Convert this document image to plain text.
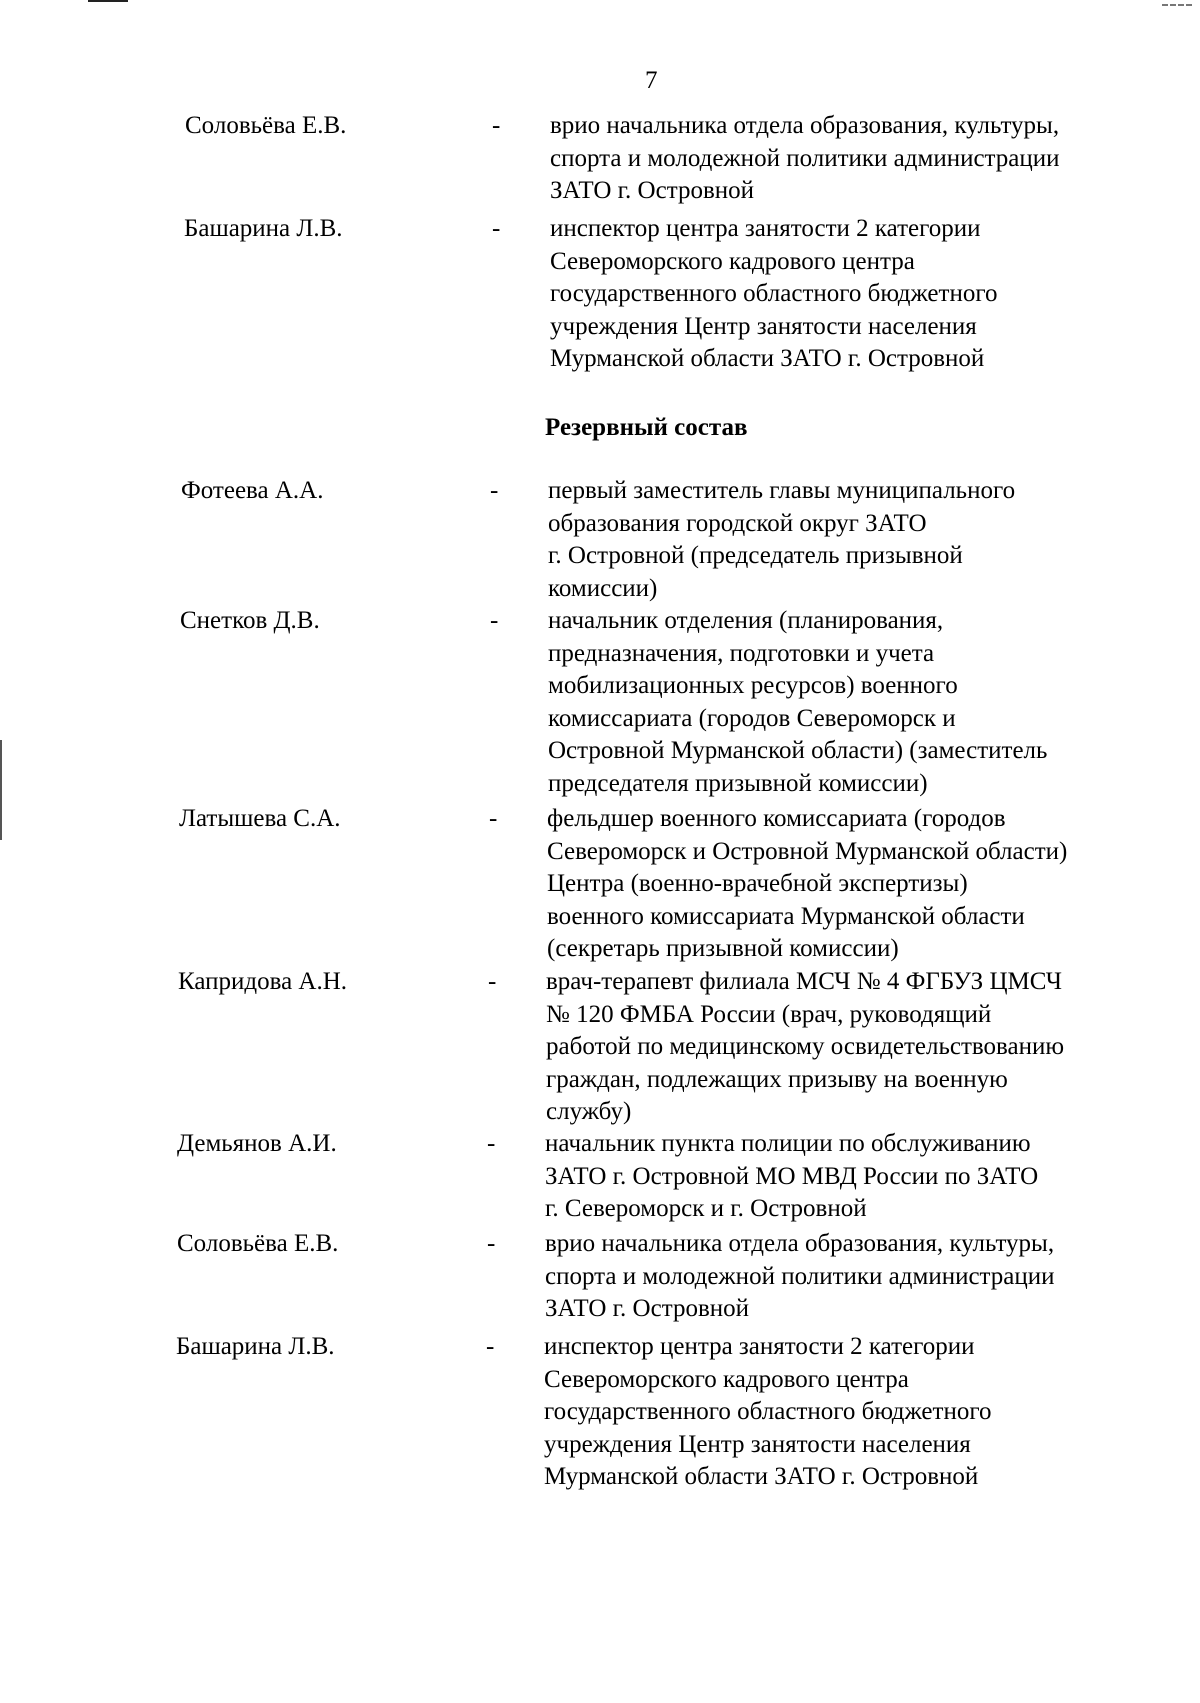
7
Резервный состав
Соловьёва Е.В.	- врио начальника отдела образования, культуры,
спорта и молодежной политики администрации
ЗАТО г. Островной
Башарина Л.В.	- инспектор центра занятости 2 категории
Североморского кадрового центра
государственного областного бюджетного
учреждения Центр занятости населения
Мурманской области ЗАТО г. Островной
Фотеева А.А.	- первый заместитель главы муниципального
образования городской округ ЗАТО
г. Островной (председатель призывной
комиссии)
Снетков Д.В.	- начальник отделения (планирования,
предназначения, подготовки и учета
мобилизационных ресурсов) военного
комиссариата (городов Североморск и
Островной Мурманской области) (заместитель
председателя призывной комиссии)
Латышева С.А.	- фельдшер военного комиссариата (городов
Североморск и Островной Мурманской области)
Центра (военно-врачебной экспертизы)
военного комиссариата Мурманской области
(секретарь призывной комиссии)
Капридова А.Н.	- врач-терапевт филиала МСЧ № 4 ФГБУЗ ЦМСЧ
№ 120 ФМБА России (врач, руководящий
работой по медицинскому освидетельствованию
граждан, подлежащих призыву на военную
службу)
Демьянов А.И.	- начальник пункта полиции по обслуживанию
ЗАТО г. Островной МО МВД России по ЗАТО
г. Североморск и г. Островной
Соловьёва Е.В.	- врио начальника отдела образования, культуры,
спорта и молодежной политики администрации
ЗАТО г. Островной
Башарина Л.В.	- инспектор центра занятости 2 категории
Североморского кадрового центра
государственного областного бюджетного
учреждения Центр занятости населения
Мурманской области ЗАТО г. Островной
